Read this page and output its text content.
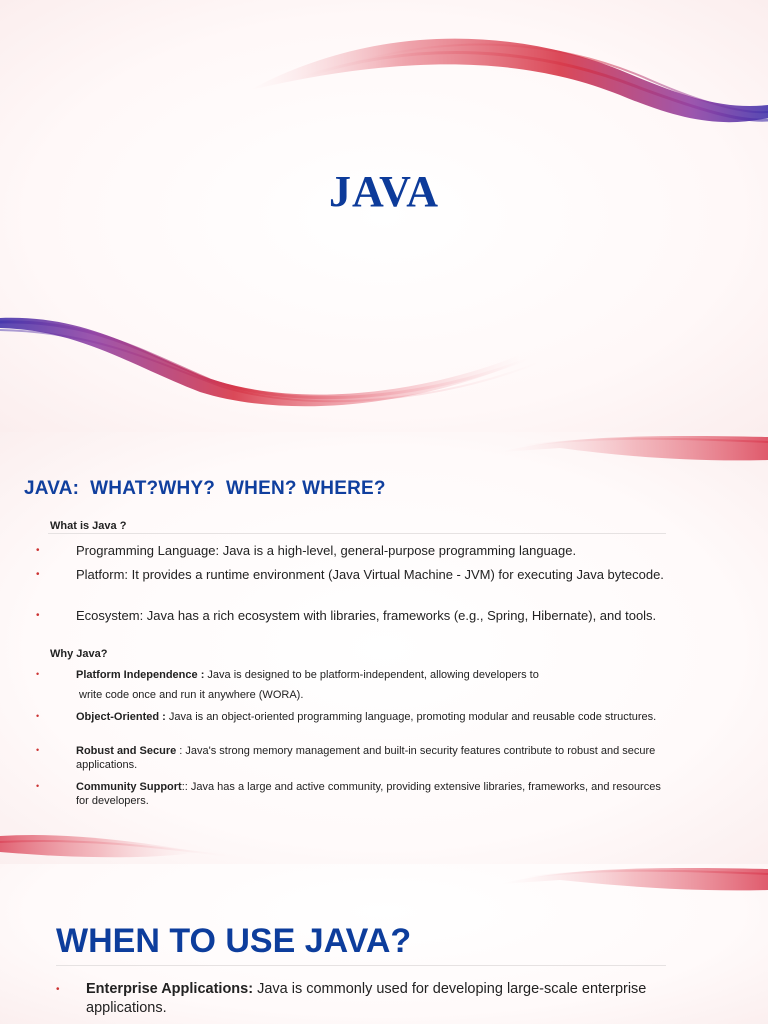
JAVA
JAVA:  WHAT?WHY?  WHEN? WHERE?
What is Java ?
•	Programming Language: Java is a high-level, general-purpose programming language.
•	Platform: It provides a runtime environment (Java Virtual Machine - JVM) for executing Java bytecode.
•	Ecosystem: Java has a rich ecosystem with libraries, frameworks (e.g., Spring, Hibernate), and tools.
Why Java?
•	Platform Independence : Java is designed to be platform-independent, allowing developers to
write code once and run it anywhere (WORA).
•	Object-Oriented : Java is an object-oriented programming language, promoting modular and reusable code structures.
•	Robust and Secure : Java's strong memory management and built-in security features contribute to robust and secure applications.
•	Community Support:: Java has a large and active community, providing extensive libraries, frameworks, and resources for developers.
WHEN TO USE JAVA?
•	Enterprise Applications: Java is commonly used for developing large-scale enterprise applications.
